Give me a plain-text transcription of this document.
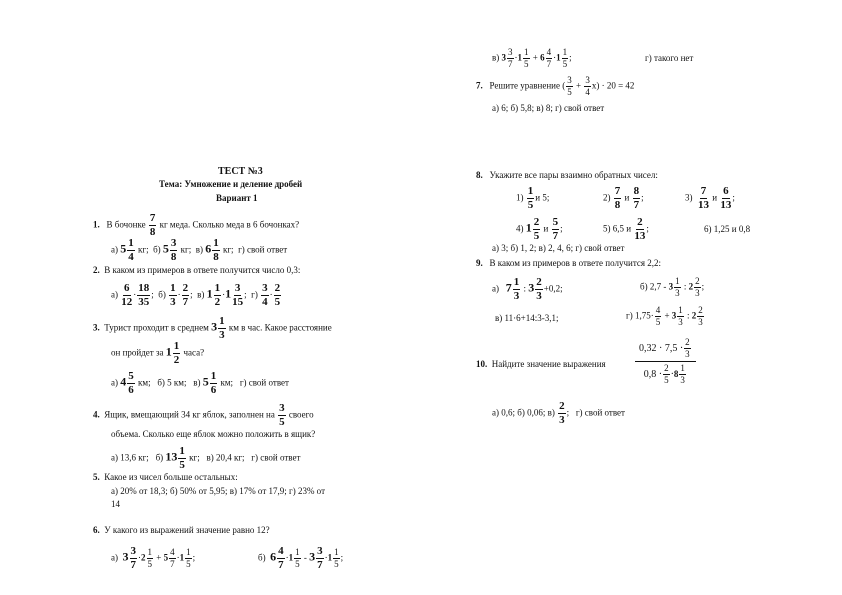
ТЕСТ №3
Тема: Умножение и деление дробей
Вариант 1
1. В бочонке $\frac{7}{8}$ кг меда. Сколько меда в 6 бочонках?
а) $5 \frac{1}{4}$ кг; б) $5 \frac{3}{8}$ кг; в) $6 \frac{1}{8}$ кг; г) свой ответ
2. В каком из примеров в ответе получится число 0,3:
$а) \frac{6}{12} \cdot \frac{18}{35}$ ; $б) \frac{1}{3} \cdot \frac{2}{7}$ ; в) $1 \frac{1}{2} \cdot 1 \frac{3}{15}$ ; $г) \frac{3}{4} \cdot \frac{2}{5}$
3. Турист проходит в среднем $3 \frac{1}{3}$ км в час. Какое расстояние
он пройдет за $1 \frac{1}{2}$ часа?
а) $4 \frac{5}{6}$ км; б) 5 км; в) $5 \frac{1}{6}$ км; г) свой ответ
4. Ящик, вмещающий 34 кг яблок, заполнен на $\frac{3}{5}$ своего
объема. Сколько еще яблок можно положить в ящик?
а) 13,6 кг; б) $13 \frac{1}{5}$ кг; в) 20,4 кг; г) свой ответ
5. Какое из чисел больше остальных:
а) 20% от 18,3; б) 50% от 5,95; в) 17% от 17,9; г) 23% от
14
6. У какого из выражений значение равно 12?
а) $3 \frac{3}{7} \cdot 2 \frac{1}{5} + 5 \frac{4}{7} \cdot 1 \frac{1}{5}$ ;	б) $6 \frac{4}{7} \cdot 1 \frac{1}{5} - 3 \frac{3}{7} \cdot 1 \frac{1}{5}$ ;
в) $3 \frac{3}{7} \cdot 1 \frac{1}{5} + 6 \frac{4}{7} \cdot 1 \frac{1}{5}$ ;	г) такого нет
7. Решите уравнение ( $\frac{3}{5} + \frac{3}{4} x) \cdot 20 = 42$
а) 6; б) 5,8; в) 8; г) свой ответ
8. Укажите все пары взаимно обратных чисел:
$1) \frac{1}{5}$ и 5;	$2) \frac{7}{8}$ и $\frac{8}{7}$ ;	$3) \frac{7}{13}$ и $\frac{6}{13}$ ;
4) $1 \frac{2}{5}$ и $\frac{5}{7}$ ;	5) 6,5 и $\frac{2}{13}$ ;	6) 1,25 и 0,8
а) 3; б) 1, 2; в) 2, 4, 6; г) свой ответ
9. В каком из примеров в ответе получится 2,2:
а) $7 \frac{1}{3}$ : $3 \frac{2}{3} +0,2$;	б) $2,7 - 3 \frac{1}{3}$ : $2 \frac{2}{3}$ ;
в) 11·6+14:3-3,1;	г) $1,75\cdot \frac{4}{5} + 3 \frac{1}{3}$ : $2 \frac{2}{3}$
10. Найдите значение выражения	$\frac{0,32 \cdot 7,5 \cdot \frac{2}{3}}{0,8 \cdot \frac{2}{5} \cdot 8 \frac{1}{3}}$
а) 0,6; б) 0,06; $в) \frac{2}{3}$ ; г) свой ответ
